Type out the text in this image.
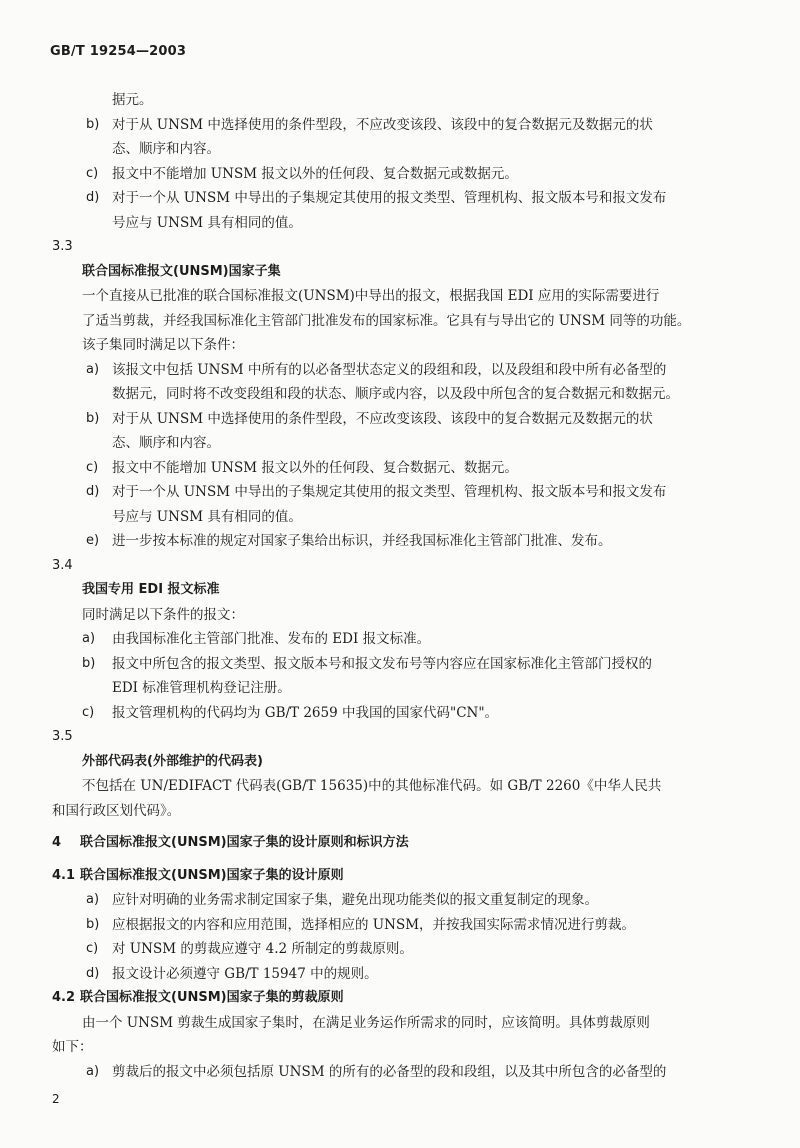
GB/T 19254—2003
据元。
b) 对于从 UNSM 中选择使用的条件型段，不应改变该段、该段中的复合数据元及数据元的状
态、顺序和内容。
c) 报文中不能增加 UNSM 报文以外的任何段、复合数据元或数据元。
d) 对于一个从 UNSM 中导出的子集规定其使用的报文类型、管理机构、报文版本号和报文发布
号应与 UNSM 具有相同的值。
3.3
联合国标准报文(UNSM)国家子集
一个直接从已批准的联合国标准报文(UNSM)中导出的报文，根据我国 EDI 应用的实际需要进行
了适当剪裁，并经我国标准化主管部门批准发布的国家标准。它具有与导出它的 UNSM 同等的功能。
该子集同时满足以下条件：
a) 该报文中包括 UNSM 中所有的以必备型状态定义的段组和段，以及段组和段中所有必备型的
数据元，同时将不改变段组和段的状态、顺序或内容，以及段中所包含的复合数据元和数据元。
b) 对于从 UNSM 中选择使用的条件型段，不应改变该段、该段中的复合数据元及数据元的状
态、顺序和内容。
c) 报文中不能增加 UNSM 报文以外的任何段、复合数据元、数据元。
d) 对于一个从 UNSM 中导出的子集规定其使用的报文类型、管理机构、报文版本号和报文发布
号应与 UNSM 具有相同的值。
e) 进一步按本标准的规定对国家子集给出标识，并经我国标准化主管部门批准、发布。
3.4
我国专用 EDI 报文标准
同时满足以下条件的报文：
a) 由我国标准化主管部门批准、发布的 EDI 报文标准。
b) 报文中所包含的报文类型、报文版本号和报文发布号等内容应在国家标准化主管部门授权的
EDI 标准管理机构登记注册。
c) 报文管理机构的代码均为 GB/T 2659 中我国的国家代码"CN"。
3.5
外部代码表(外部维护的代码表)
不包括在 UN/EDIFACT 代码表(GB/T 15635)中的其他标准代码。如 GB/T 2260《中华人民共
和国行政区划代码》。
4 联合国标准报文(UNSM)国家子集的设计原则和标识方法
4.1 联合国标准报文(UNSM)国家子集的设计原则
a) 应针对明确的业务需求制定国家子集，避免出现功能类似的报文重复制定的现象。
b) 应根据报文的内容和应用范围，选择相应的 UNSM，并按我国实际需求情况进行剪裁。
c) 对 UNSM 的剪裁应遵守 4.2 所制定的剪裁原则。
d) 报文设计必须遵守 GB/T 15947 中的规则。
4.2 联合国标准报文(UNSM)国家子集的剪裁原则
由一个 UNSM 剪裁生成国家子集时，在满足业务运作所需求的同时，应该简明。具体剪裁原则
如下：
a) 剪裁后的报文中必须包括原 UNSM 的所有的必备型的段和段组，以及其中所包含的必备型的
2
